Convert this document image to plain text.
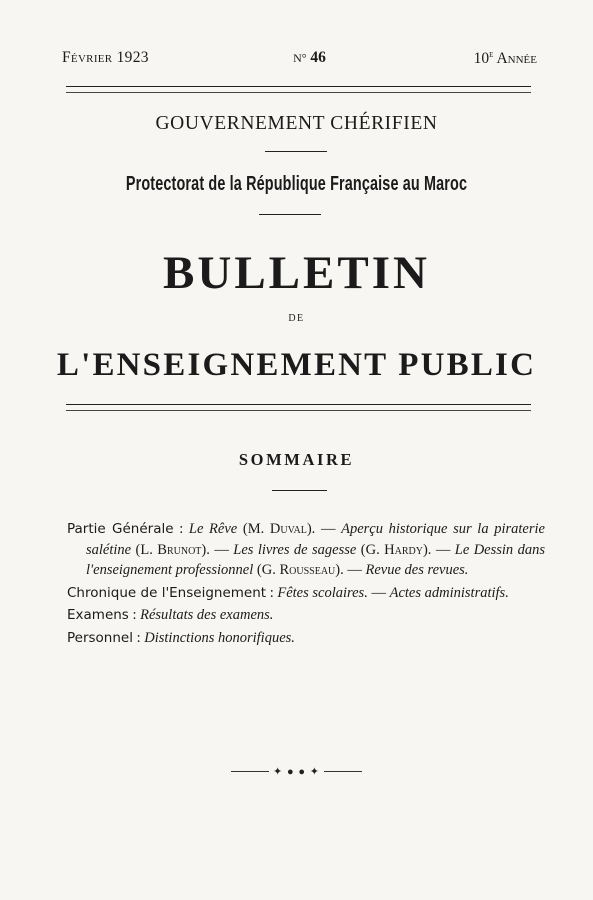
Février 1923	N° 46	10e Année
GOUVERNEMENT CHÉRIFIEN
Protectorat de la République Française au Maroc
BULLETIN
DE
L'ENSEIGNEMENT PUBLIC
SOMMAIRE
Partie Générale : Le Rêve (M. Duval). — Aperçu historique sur la piraterie salétine (L. Brunot). — Les livres de sagesse (G. Hardy). — Le Dessin dans l'enseignement professionnel (G. Rousseau). — Revue des revues.
Chronique de l'Enseignement : Fêtes scolaires. — Actes administratifs.
Examens : Résultats des examens.
Personnel : Distinctions honorifiques.
✦ ● ● ✦
